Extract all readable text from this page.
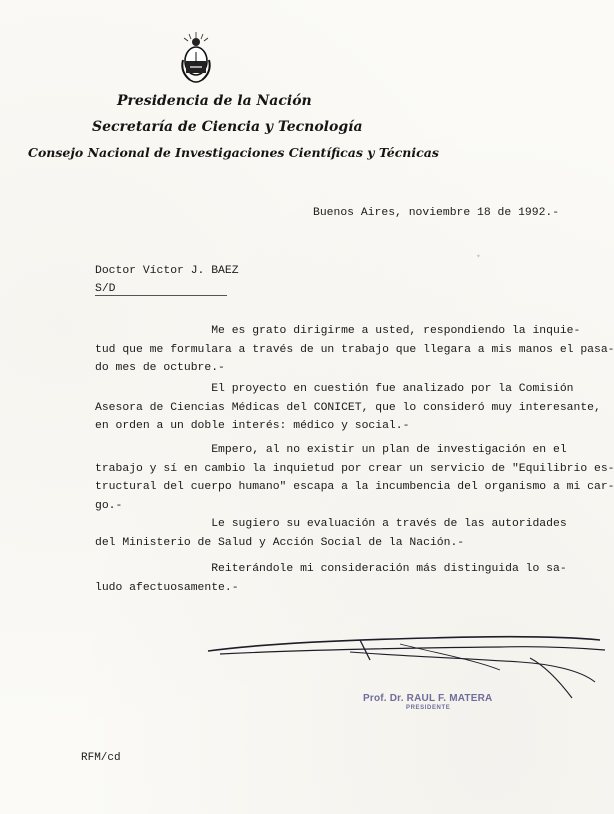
Presidencia de la Nación
Secretaría de Ciencia y Tecnología
Consejo Nacional de Investigaciones Científicas y Técnicas
Buenos Aires, noviembre 18 de 1992.-
Doctor Víctor J. BAEZ
S/D
Me es grato dirigirme a usted, respondiendo la inquie-
tud que me formulara a través de un trabajo que llegara a mis manos el pasa-
do mes de octubre.-
El proyecto en cuestión fue analizado por la Comisión
Asesora de Ciencias Médicas del CONICET, que lo consideró muy interesante,
en orden a un doble interés: médico y social.-
Empero, al no existir un plan de investigación en el
trabajo y sí en cambio la inquietud por crear un servicio de "Equilibrio es-
tructural del cuerpo humano" escapa a la incumbencia del organismo a mi car-
go.-
Le sugiero su evaluación a través de las autoridades
del Ministerio de Salud y Acción Social de la Nación.-
Reiterándole mi consideración más distinguida lo sa-
ludo afectuosamente.-
Prof. Dr. RAUL F. MATERA
PRESIDENTE
RFM/cd
✦
